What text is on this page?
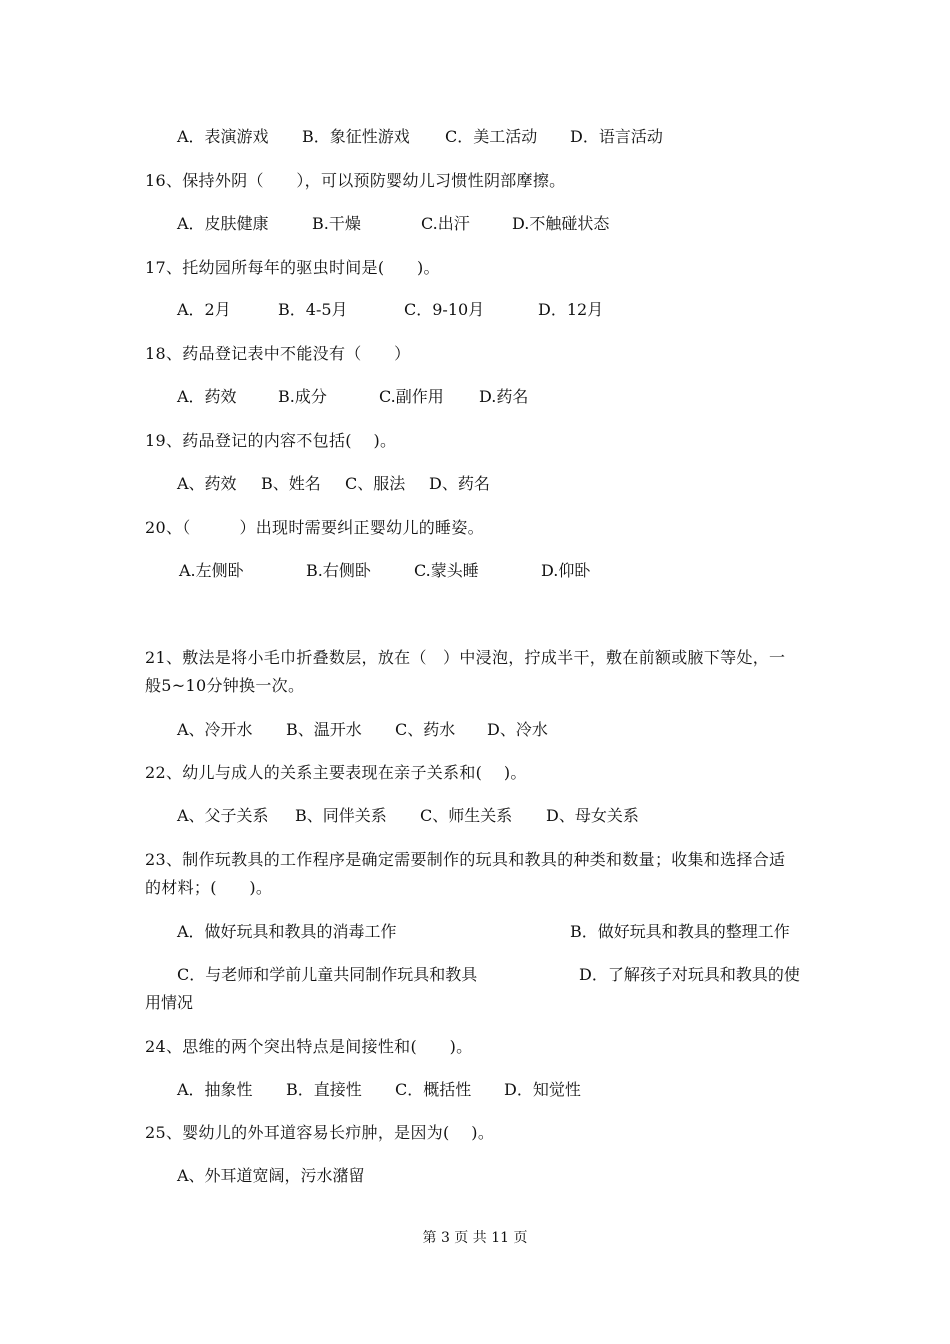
A．表演游戏 B．象征性游戏 C．美工活动 D．语言活动
16、保持外阴（　　），可以预防婴幼儿习惯性阴部摩擦。
A．皮肤健康	B.干燥	C.出汗	D.不触碰状态
17、托幼园所每年的驱虫时间是(　　)。
A．2月	B．4-5月	C．9-10月	D．12月
18、药品登记表中不能没有（　　）
A．药效	B.成分	C.副作用 D.药名
19、药品登记的内容不包括(　 )。
A、药效 B、姓名 C、服法 D、药名
20、（　　　）出现时需要纠正婴幼儿的睡姿。
A.左侧卧	B.右侧卧	C.蒙头睡	D.仰卧
21、敷法是将小毛巾折叠数层，放在（　）中浸泡，拧成半干，敷在前额或腋下等处，一
般5~10分钟换一次。
A、冷开水 B、温开水 C、药水 D、冷水
22、幼儿与成人的关系主要表现在亲子关系和(　 )。
A、父子关系 B、同伴关系 C、师生关系 D、母女关系
23、制作玩教具的工作程序是确定需要制作的玩具和教具的种类和数量；收集和选择合适
的材料；(　　)。
A．做好玩具和教具的消毒工作	B．做好玩具和教具的整理工作
C．与老师和学前儿童共同制作玩具和教具	D．了解孩子对玩具和教具的使
用情况
24、思维的两个突出特点是间接性和(　　)。
A．抽象性 B．直接性 C．概括性 D．知觉性
25、婴幼儿的外耳道容易长疖肿，是因为(　 )。
A、外耳道宽阔，污水潴留
第 3 页 共 11 页
